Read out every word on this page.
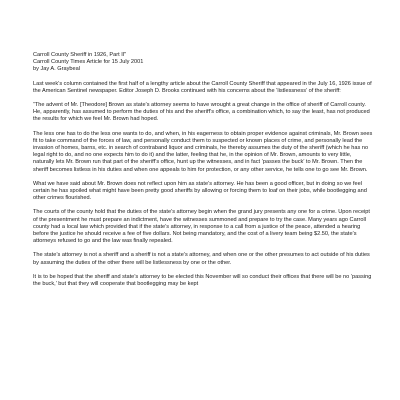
Carroll County Sheriff in 1926, Part II"
Carroll County Times Article for 15 July 2001
by Jay A. Graybeal

Last week’s column contained the first half of a lengthy article about the Carroll County Sheriff that appeared in the July 16, 1926 issue of the American Sentinel newspaper. Editor Joseph D. Brooks continued with his concerns about the ‘listlessness’ of the sheriff:

“The advent of Mr. [Theodore] Brown as state’s attorney seems to have wrought a great change in the office of sheriff of Carroll county. He, apparently, has assumed to perform the duties of his and the sheriff’s office, a combination which, to say the least, has not produced the results for which we feel Mr. Brown had hoped.

The less one has to do the less one wants to do, and when, in his eagerness to obtain proper evidence against criminals, Mr. Brown sees fit to take command of the forces of law, and personally conduct them to suspected or known places of crime, and personally lead the invasion of homes, barns, etc. in search of contraband liquor and criminals, he thereby assumes the duty of the sheriff (which he has no legal right to do, and no one expects him to do it) and the latter, feeling that he, in the opinion of Mr. Brown, amounts to very little, naturally lets Mr. Brown run that part of the sheriff’s office, hunt up the witnesses, and in fact ‘passes the buck’ to Mr. Brown. Then the sheriff becomes listless in his duties and when one appeals to him for protection, or any other service, he tells one to go see Mr. Brown.

What we have said about Mr. Brown does not reflect upon him as state’s attorney. He has been a good officer, but in doing so we feel certain he has spoiled what might have been pretty good sheriffs by allowing or forcing them to loaf on their jobs, while bootlegging and other crimes flourished.

The courts of the county hold that the duties of the state’s attorney begin when the grand jury presents any one for a crime. Upon receipt of the presentment he must prepare an indictment, have the witnesses summoned and prepare to try the case. Many years ago Carroll county had a local law which provided that if the state’s attorney, in response to a call from a justice of the peace, attended a hearing before the justice he should receive a fee of five dollars. Not being mandatory, and the cost of a livery team being $2.50, the state’s attorneys refused to go and the law was finally repealed.

The state’s attorney is not a sheriff and a sheriff is not a state’s attorney, and when one or the other presumes to act outside of his duties by assuming the duties of the other there will be listlessness by one or the other.

It is to be hoped that the sheriff and state’s attorney to be elected this November will so conduct their offices that there will be no ‘passing the buck,’ but that they will cooperate that bootlegging may be kept
